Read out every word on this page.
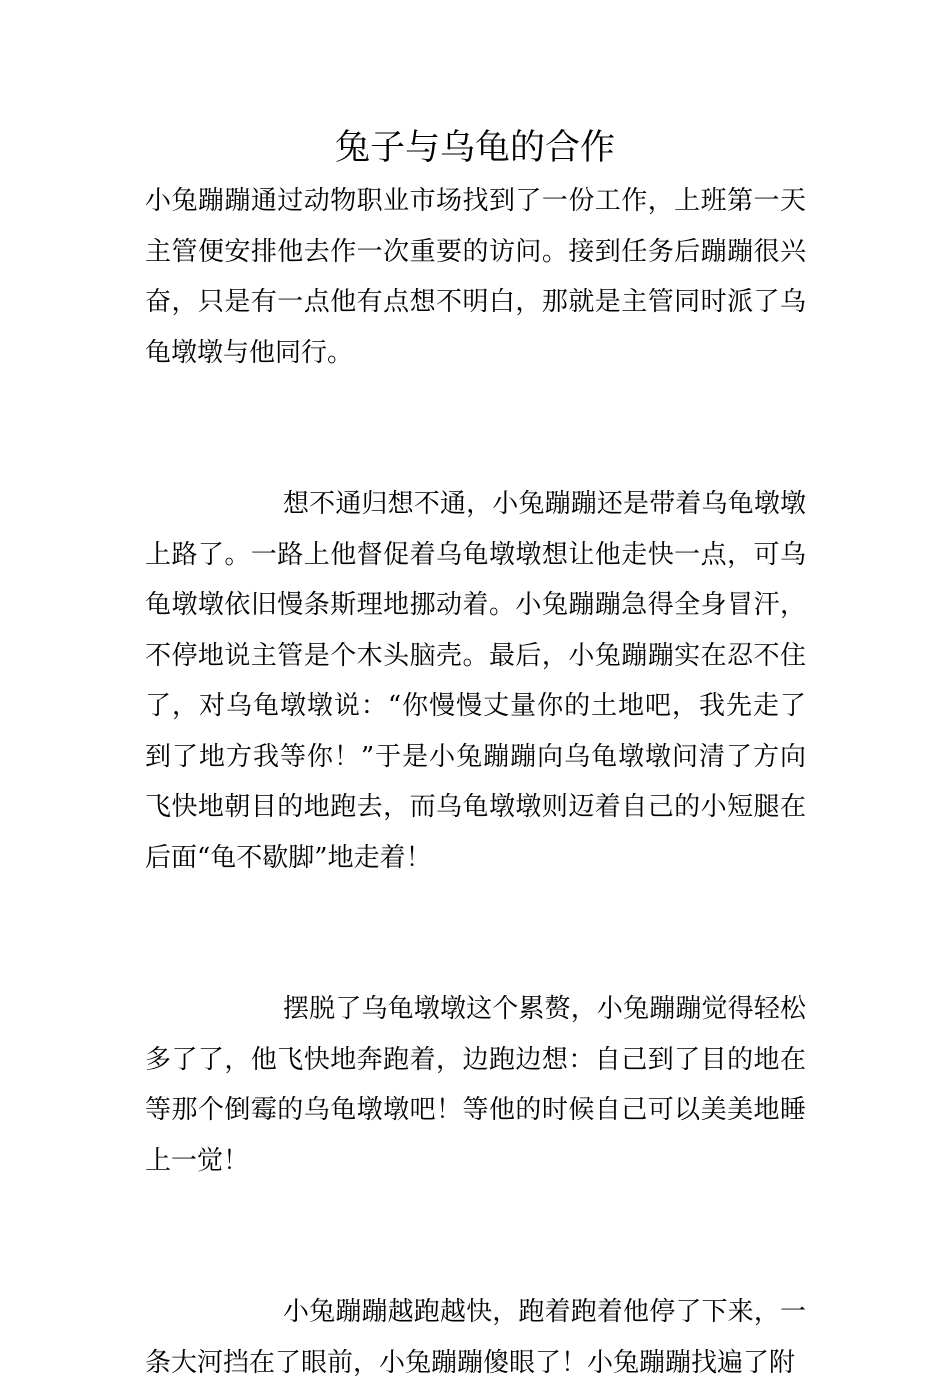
兔子与乌龟的合作

小兔蹦蹦通过动物职业市场找到了一份工作，上班第一天主管便安排他去作一次重要的访问。接到任务后蹦蹦很兴奋，只是有一点他有点想不明白，那就是主管同时派了乌龟墩墩与他同行。

想不通归想不通，小兔蹦蹦还是带着乌龟墩墩上路了。一路上他督促着乌龟墩墩想让他走快一点，可乌龟墩墩依旧慢条斯理地挪动着。小兔蹦蹦急得全身冒汗，不停地说主管是个木头脑壳。最后，小兔蹦蹦实在忍不住了，对乌龟墩墩说：“你慢慢丈量你的土地吧，我先走了到了地方我等你！”于是小兔蹦蹦向乌龟墩墩问清了方向飞快地朝目的地跑去，而乌龟墩墩则迈着自己的小短腿在后面“龟不歇脚”地走着！

摆脱了乌龟墩墩这个累赘，小兔蹦蹦觉得轻松多了了，他飞快地奔跑着，边跑边想：自己到了目的地在等那个倒霉的乌龟墩墩吧！等他的时候自己可以美美地睡上一觉！

小兔蹦蹦越跑越快，跑着跑着他停了下来，一条大河挡在了眼前，小兔蹦蹦傻眼了！小兔蹦蹦找遍了附
